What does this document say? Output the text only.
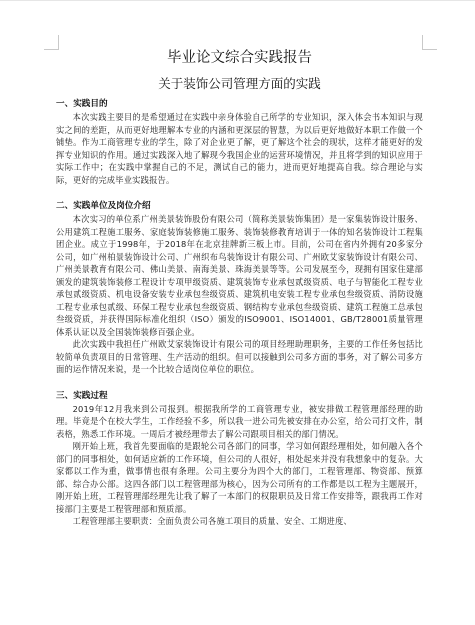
毕业论文综合实践报告
关于装饰公司管理方面的实践
一、实践目的

本次实践主要目的是希望通过在实践中亲身体验自己所学的专业知识，深入体会书本知识与现实之间的差距，从而更好地理解本专业的内涵和更深层的智慧，为以后更好地做好本职工作做一个铺垫。作为工商管理专业的学生，除了对企业更了解，更了解这个社会的现状，这样才能更好的发挥专业知识的作用。通过实践深入地了解现今我国企业的运营环境情况，并且将学到的知识应用于实际工作中；在实践中掌握自己的不足，测试自己的能力，进而更好地提高自我。综合理论与实际，更好的完成毕业实践报告。

二、实践单位及岗位介绍

本次实习的单位系广州美景装饰股份有限公司（简称美景装饰集团）是一家集装饰设计服务、公用建筑工程施工服务、家庭装饰装修施工服务、装饰装修教育培训于一体的知名装饰设计工程集团企业。成立于1998年，于2018年在北京挂牌新三板上市。目前，公司在省内外拥有20多家分公司，如广州柏景装饰设计公司、广州织布鸟装饰设计有限公司、广州欧艾家装饰设计有限公司、广州美景教育有限公司、佛山美景、南海美景、珠海美景等等。公司发展至今，现拥有国家住建部颁发的建筑装饰装修工程设计专项甲级资质、建筑装饰专业承包贰级资质、电子与智能化工程专业承包贰级资质、机电设备安装专业承包叁级资质、建筑机电安装工程专业承包叁级资质、消防设施工程专业承包贰级、环保工程专业承包叁级资质、钢结构专业承包叁级资质、建筑工程施工总承包叁级资质，并获得国际标准化组织（ISO）颁发的ISO9001、ISO14001、GB/T28001质量管理体系认证以及全国装饰装修百强企业。

此次实践中我担任广州欧艾家装饰设计有限公司的项目经理助理职务，主要的工作任务包括比较简单负责项目的日常管理、生产活动的组织。但可以接触到公司多方面的事务，对了解公司多方面的运作情况来说，是一个比较合适岗位单位的职位。

三、实践过程

2019年12月我来到公司报到。根据我所学的工商管理专业，被安排做工程管理部经理的助理。毕竟是个在校大学生，工作经验不多，所以我一进公司先被安排在办公室，给公司打文件，制表格，熟悉工作环境。一周后才被经理带去了解公司跟项目相关的部门情况。

刚开始上班，我首先要面临的是跟轮公司各部门的同事，学习如何跟经理相处，如何融入各个部门的同事相处，如何适应新的工作环境，但公司的人很好，相处起来并没有我想象中的复杂。大家都以工作为重，做事情也很有条理。公司主要分为四个大的部门，工程管理部、物资部、预算部、综合办公部。这四各部门以工程管理部为核心，因为公司所有的工作都是以工程为主题展开，刚开始上班，工程管理部经理先让我了解了一本部门的权限职员及日常工作安排等，跟我再工作对接部门主要是工程管理部和预质部。

工程管理部主要职责：全面负责公司各施工项目的质量、安全、工期进度、
